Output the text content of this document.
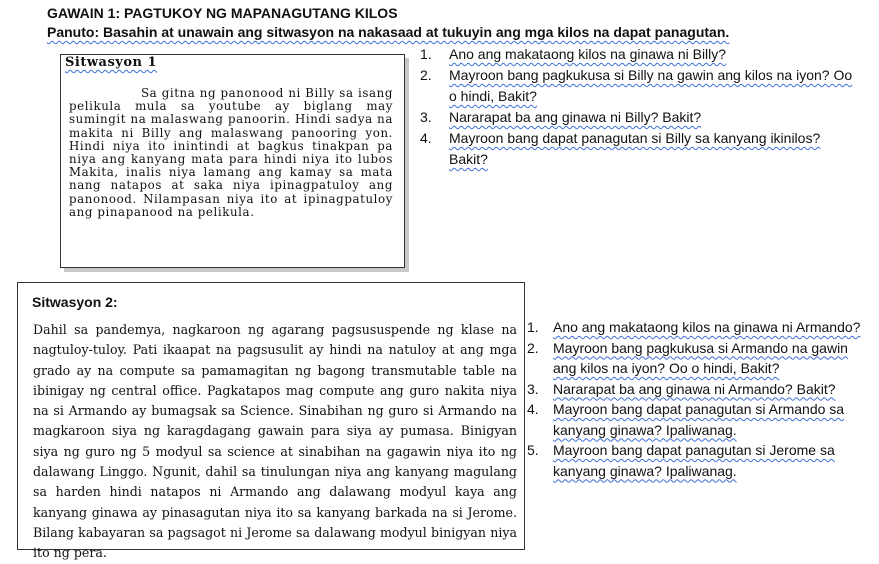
GAWAIN 1: PAGTUKOY NG MAPANAGUTANG KILOS
Panuto: Basahin at unawain ang sitwasyon na nakasaad at tukuyin ang mga kilos na dapat panagutan.
Sitwasyon 1

Sa gitna ng panonood ni Billy sa isang pelikula mula sa youtube ay biglang may sumingit na malaswang panoorin. Hindi sadya na makita ni Billy ang malaswang panooring yon. Hindi niya ito inintindi at bagkus tinakpan pa niya ang kanyang mata para hindi niya ito lubos Makita, inalis niya lamang ang kamay sa mata nang natapos at saka niya ipinagpatuloy ang panonood. Nilampasan niya ito at ipinagpatuloy ang pinapanood na pelikula.

1. Ano ang makataong kilos na ginawa ni Billy?
2. Mayroon bang pagkukusa si Billy na gawin ang kilos na iyon? Oo o hindi, Bakit?
3. Nararapat ba ang ginawa ni Billy? Bakit?
4. Mayroon bang dapat panagutan si Billy sa kanyang ikinilos? Bakit?
Sitwasyon 2:

Dahil sa pandemya, nagkaroon ng agarang pagsususpende ng klase na nagtuloy-tuloy. Pati ikaapat na pagsusulit ay hindi na natuloy at ang mga grado ay na compute sa pamamagitan ng bagong transmutable table na ibinigay ng central office. Pagkatapos mag compute ang guro nakita niya na si Armando ay bumagsak sa Science. Sinabihan ng guro si Armando na magkaroon siya ng karagdagang gawain para siya ay pumasa. Binigyan siya ng guro ng 5 modyul sa science at sinabihan na gagawin niya ito ng dalawang Linggo. Ngunit, dahil sa tinulungan niya ang kanyang magulang sa harden hindi natapos ni Armando ang dalawang modyul kaya ang kanyang ginawa ay pinasagutan niya ito sa kanyang barkada na si Jerome. Bilang kabayaran sa pagsagot ni Jerome sa dalawang modyul binigyan niya ito ng pera.

1. Ano ang makataong kilos na ginawa ni Armando?
2. Mayroon bang pagkukusa si Armando na gawin ang kilos na iyon? Oo o hindi, Bakit?
3. Nararapat ba ang ginawa ni Armando? Bakit?
4. Mayroon bang dapat panagutan si Armando sa kanyang ginawa? Ipaliwanag.
5. Mayroon bang dapat panagutan si Jerome sa kanyang ginawa? Ipaliwanag.
